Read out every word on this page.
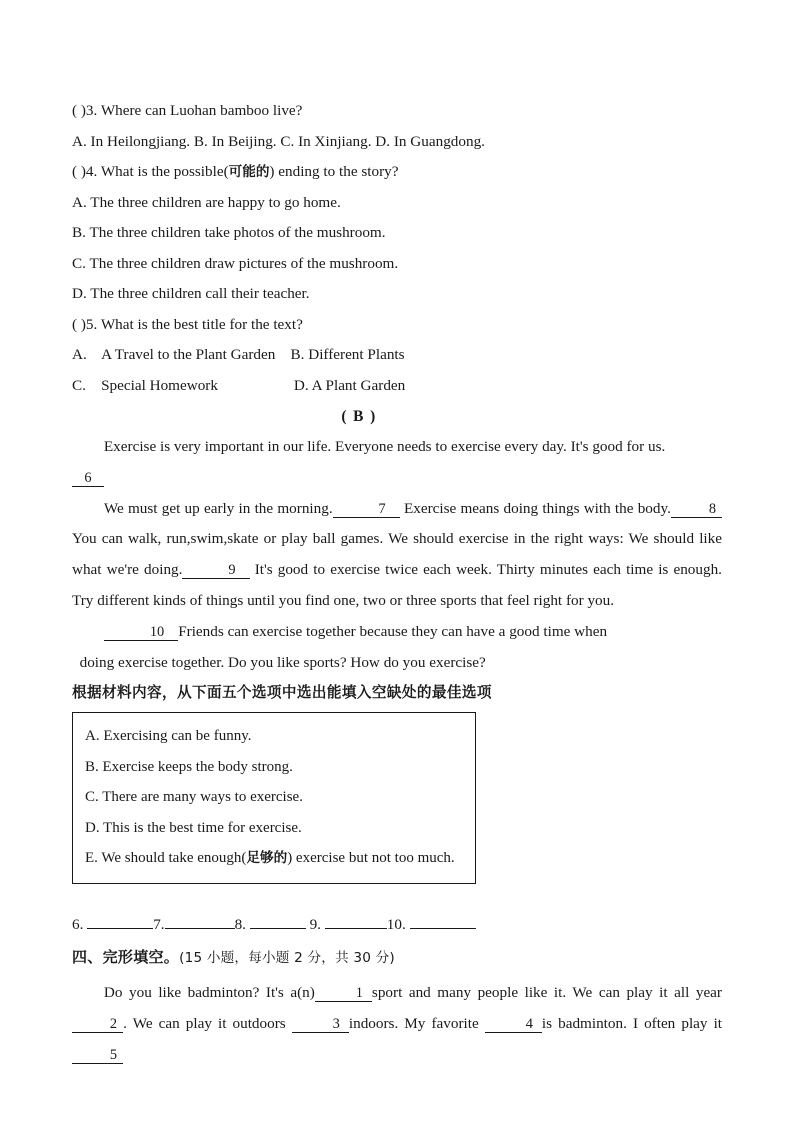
( )3. Where can Luohan bamboo live?
A. In Heilongjiang. B. In Beijing. C. In Xinjiang. D. In Guangdong.
( )4. What is the possible(可能的) ending to the story?
A. The three children are happy to go home.
B. The three children take photos of the mushroom.
C. The three children draw pictures of the mushroom.
D. The three children call their teacher.
( )5. What is the best title for the text?
A.    A Travel to the Plant Garden    B. Different Plants
C.    Special Homework                    D. A Plant Garden
( B )
Exercise is very important in our life. Everyone needs to exercise every day. It's good for us.
6
We must get up early in the morning.	7 Exercise means doing things with the body.	8 You can walk, run,swim,skate or play ball games. We should exercise in the right ways: We should like what we're doing.	9 It's good to exercise twice each week. Thirty minutes each time is enough. Try different kinds of things until you find one, two or three sports that feel right for you.
10 Friends can exercise together because they can have a good time when
doing exercise together. Do you like sports? How do you exercise?
根据材料内容，从下面五个选项中选出能填入空缺处的最佳选项
A. Exercising can be funny.
B. Exercise keeps the body strong.
C. There are many ways to exercise.
D. This is the best time for exercise.
E. We should take enough(足够的) exercise but not too much.
6.	7.	8.	9.	10.
四、完形填空。(15 小题，每小题 2 分，共 30 分)
Do you like badminton? It's a(n)	1 sport and many people like it. We can play it all year 2 . We can play it outdoors	3 indoors. My favorite	4 is badminton. I often play it5
